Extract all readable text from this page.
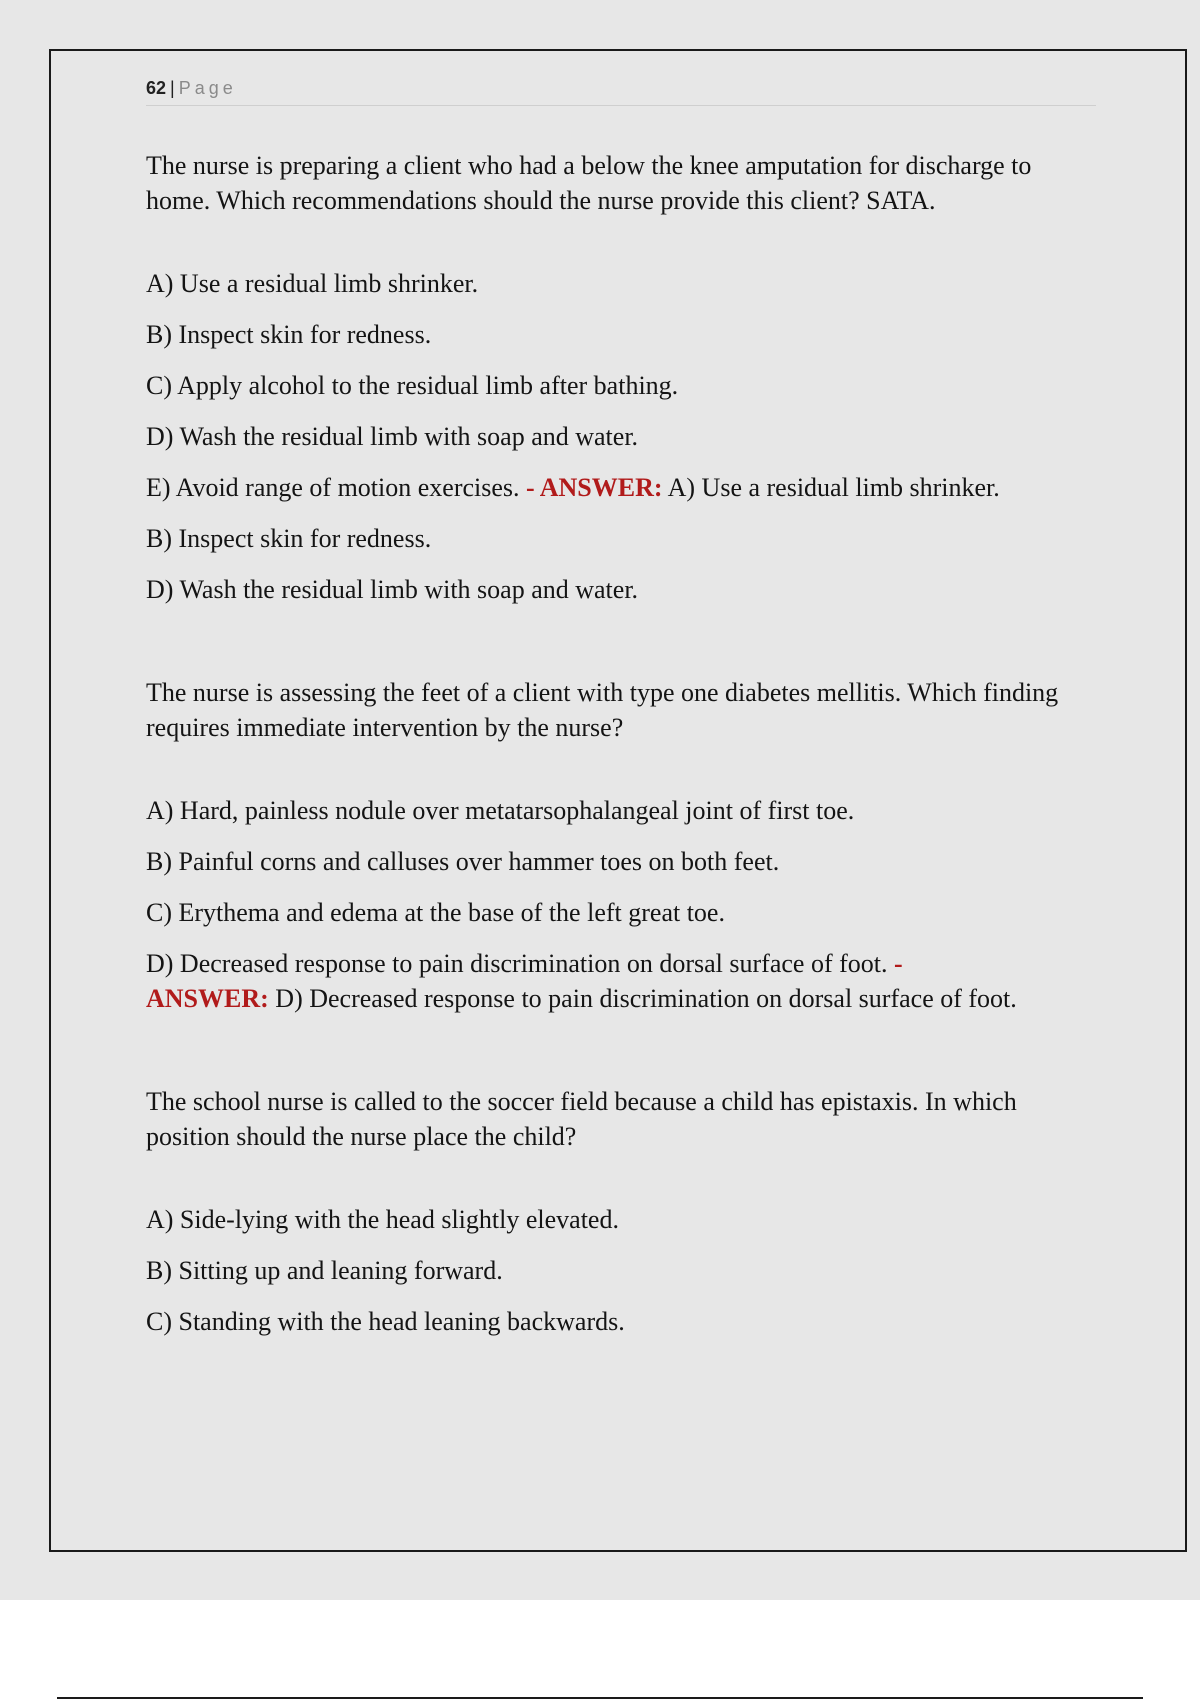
62 | Page

The nurse is preparing a client who had a below the knee amputation for discharge to home. Which recommendations should the nurse provide this client? SATA.

A) Use a residual limb shrinker.

B) Inspect skin for redness.

C) Apply alcohol to the residual limb after bathing.

D) Wash the residual limb with soap and water.

E) Avoid range of motion exercises. - ANSWER: A) Use a residual limb shrinker.

B) Inspect skin for redness.

D) Wash the residual limb with soap and water.

The nurse is assessing the feet of a client with type one diabetes mellitis. Which finding requires immediate intervention by the nurse?

A) Hard, painless nodule over metatarsophalangeal joint of first toe.

B) Painful corns and calluses over hammer toes on both feet.

C) Erythema and edema at the base of the left great toe.

D) Decreased response to pain discrimination on dorsal surface of foot. -
ANSWER: D) Decreased response to pain discrimination on dorsal surface of foot.

The school nurse is called to the soccer field because a child has epistaxis. In which position should the nurse place the child?

A) Side-lying with the head slightly elevated.

B) Sitting up and leaning forward.

C) Standing with the head leaning backwards.
